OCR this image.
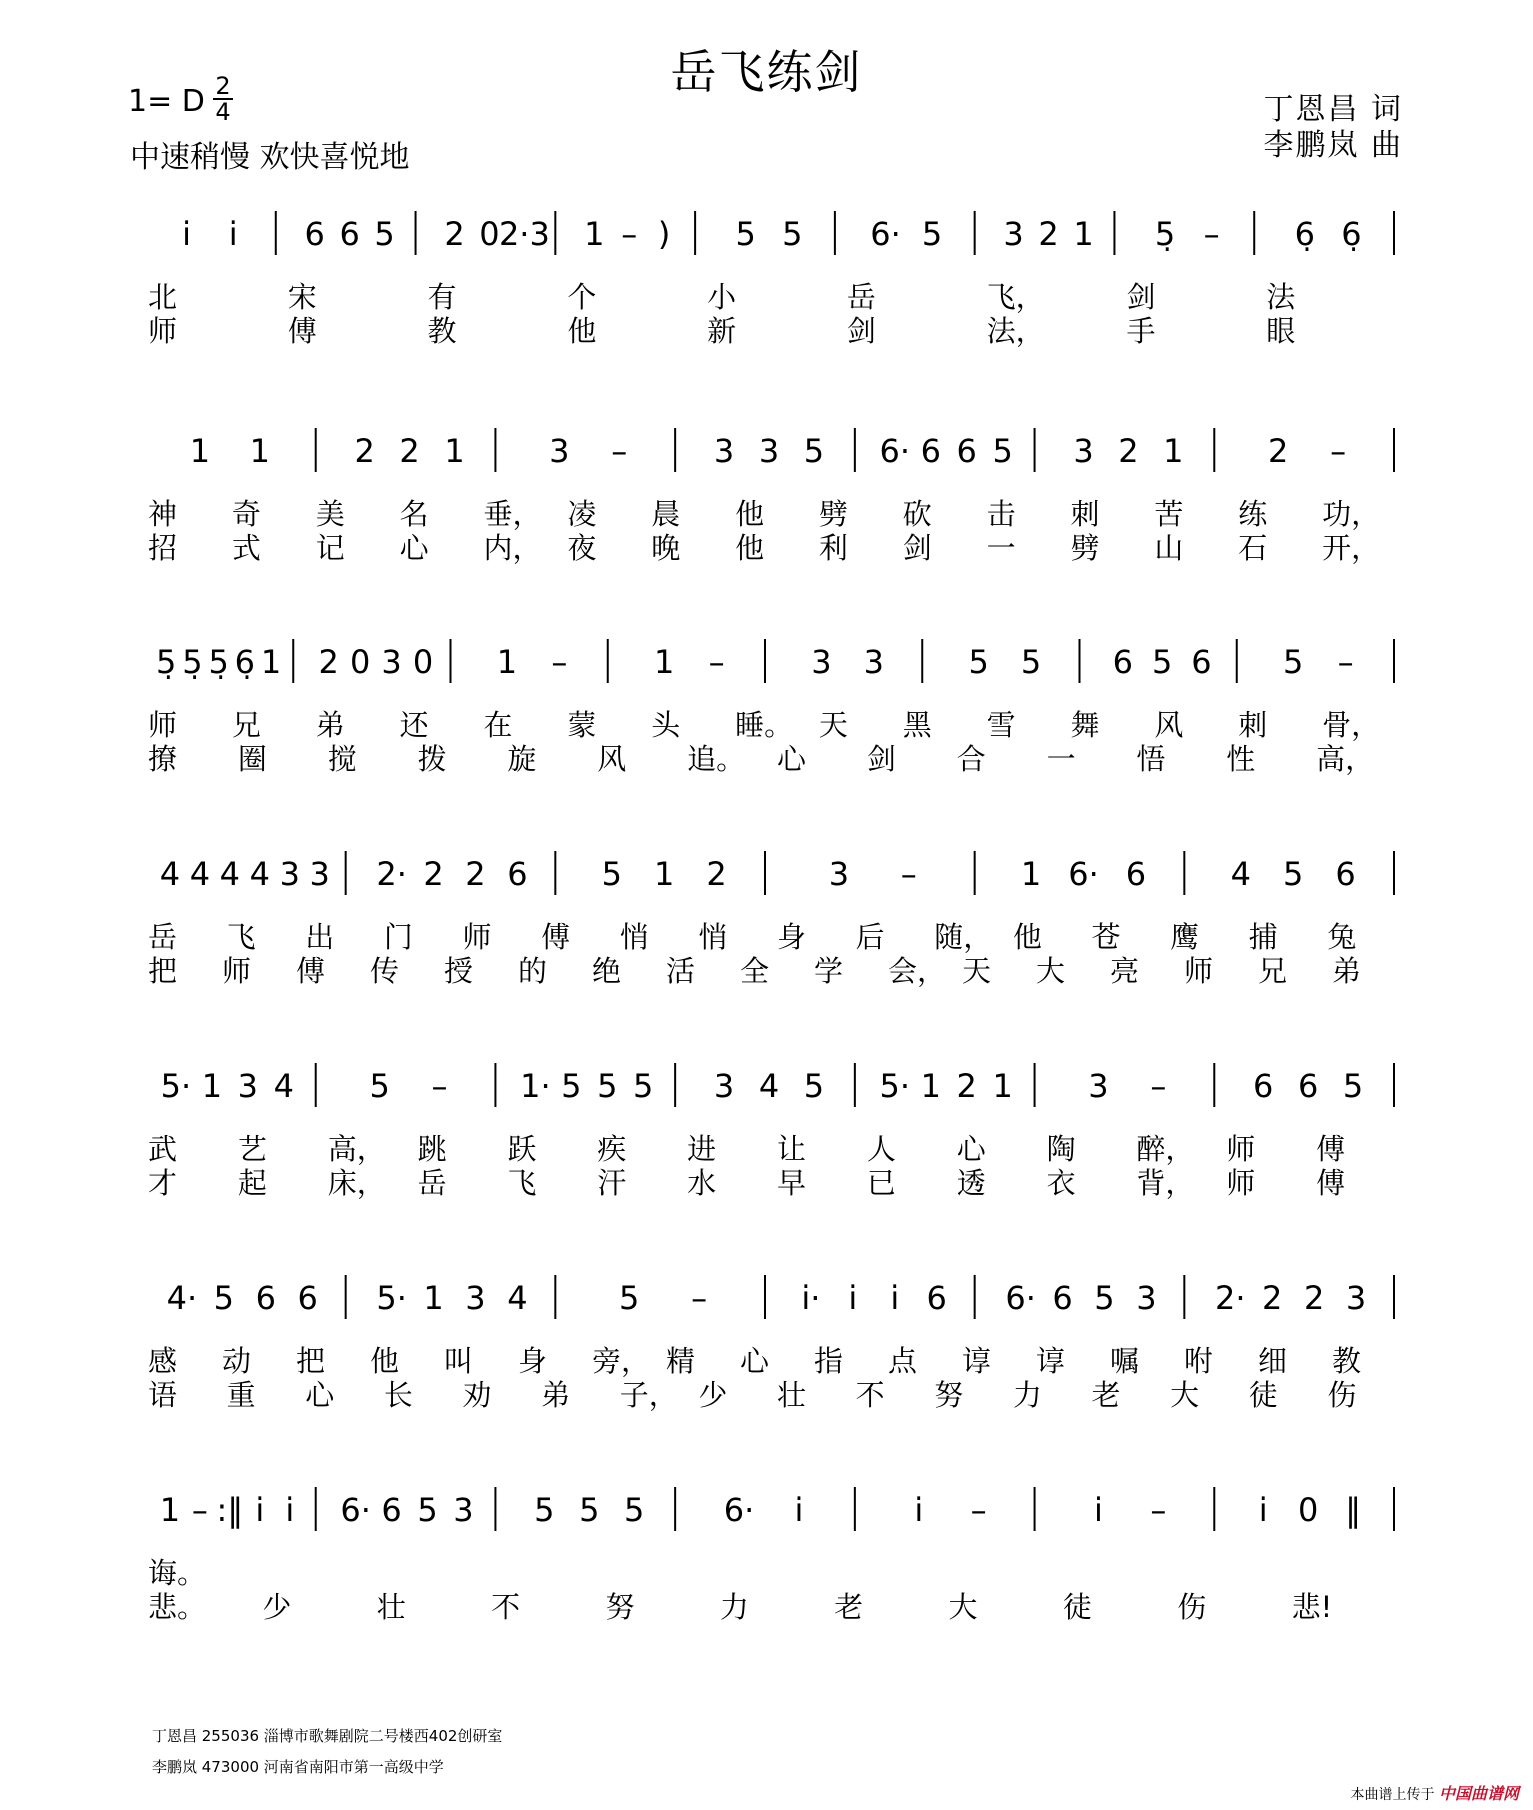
岳飞练剑
1= D 2
4
中速稍慢 欢快喜悦地
丁恩昌 词
李鹏岚 曲
i̇ i̇ 6 6 5 2 0 2·3 1 – ) 5 5 6· 5 3 2 1 5̣ – 6̣ 6̣
北	宋	有	个	小	岳	飞，	剑	法
师	傅	教	他	新	剑	法，	手	眼
1 1	2 2 1	3 –	3 3 5 6· 6 6 5 3 2 1	2 –
神 奇 美 名 垂， 凌 晨 他 劈 砍 击 刺 苦 练 功，
招 式 记 心 内， 夜 晚 他 利 剑 一 劈 山 石 开，
5̣ 5̣ 5̣ 6̣ 1 2 0 3 0 1 –	1 –	3 3	5 5 6 5 6 5 –
师 兄 弟 还 在 蒙 头 睡。 天 黑 雪 舞 风 刺 骨，
撩 圈 搅 拨 旋 风 追。 心 剑 合 一 悟 性 高，
4 4 4 4 3 3 2· 2 2 6 5 1 2	3 –	1 6· 6	4 5 6
岳 飞 出 门 师 傅 悄 悄 身 后 随， 他 苍 鹰 捕 兔
把 师 傅 传 授 的 绝 活 全 学 会， 天 大 亮 师 兄 弟
5· 1 3 4 5 – 1· 5 5 5 3 4 5 5· 1 2 1 3 –	6 6 5
武 艺 高， 跳 跃 疾 进 让 人 心 陶 醉， 师 傅
才 起 床， 岳 飞 汗 水 早 已 透 衣 背， 师 傅
4· 5 6 6 5· 1 3 4	5 –	i̇· i̇ i̇ 6 6· 6 5 3 2· 2 2 3
感 动 把 他 叫 身 旁， 精 心 指 点 谆 谆 嘱 咐 细 教
语 重 心 长 劝 弟 子， 少 壮 不 努 力 老 大 徒 伤
1 – :‖ i̇ i̇ 6· 6 5 3 5 5 5 6· i̇	i̇ –	i̇ –	i̇ 0 ‖
诲。
悲。 少	壮	不	努	力	老	大	徒	伤	悲!
丁恩昌 255036 淄博市歌舞剧院二号楼西402创研室
李鹏岚 473000 河南省南阳市第一高级中学
本曲谱上传于 中国曲谱网
